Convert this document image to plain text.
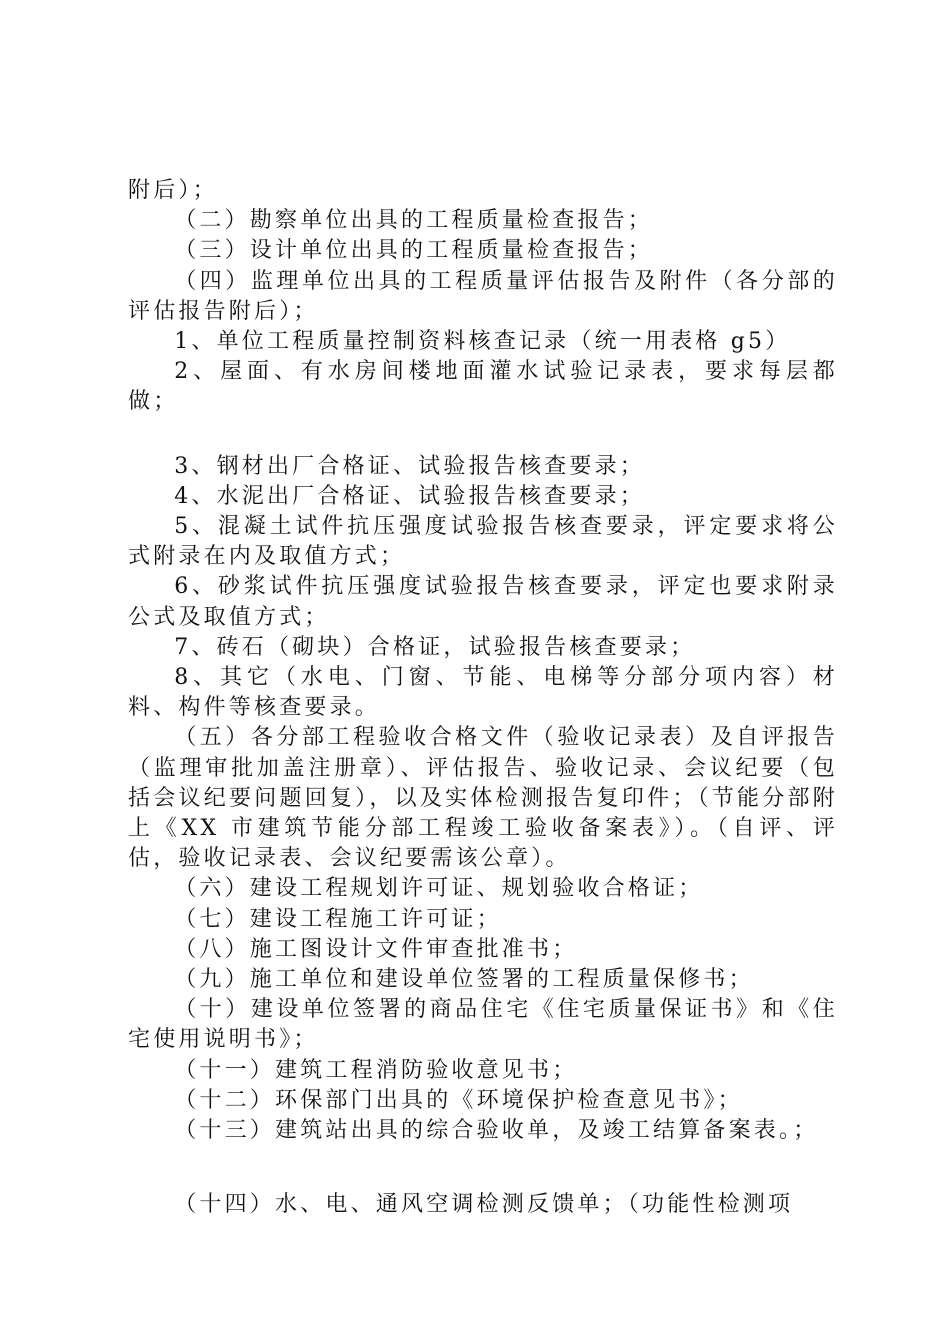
附后）；

（二）勘察单位出具的工程质量检查报告；

（三）设计单位出具的工程质量检查报告；

（四）监理单位出具的工程质量评估报告及附件（各分部的评估报告附后）；

1、单位工程质量控制资料核查记录（统一用表格 g5）

2、屋面、有水房间楼地面灌水试验记录表，要求每层都做；

3、钢材出厂合格证、试验报告核查要录；

4、水泥出厂合格证、试验报告核查要录；

5、混凝土试件抗压强度试验报告核查要录，评定要求将公式附录在内及取值方式；

6、砂浆试件抗压强度试验报告核查要录，评定也要求附录公式及取值方式；

7、砖石（砌块）合格证，试验报告核查要录；

8、其它（水电、门窗、节能、电梯等分部分项内容）材料、构件等核查要录。

（五）各分部工程验收合格文件（验收记录表）及自评报告（监理审批加盖注册章）、评估报告、验收记录、会议纪要（包括会议纪要问题回复），以及实体检测报告复印件；（节能分部附上《XX 市建筑节能分部工程竣工验收备案表》）。（自评、评估，验收记录表、会议纪要需该公章）。

（六）建设工程规划许可证、规划验收合格证；

（七）建设工程施工许可证；

（八）施工图设计文件审查批准书；

（九）施工单位和建设单位签署的工程质量保修书；

（十）建设单位签署的商品住宅《住宅质量保证书》和《住宅使用说明书》；

（十一）建筑工程消防验收意见书；

（十二）环保部门出具的《环境保护检查意见书》；

（十三）建筑站出具的综合验收单，及竣工结算备案表。；

（十四）水、电、通风空调检测反馈单；（功能性检测项
